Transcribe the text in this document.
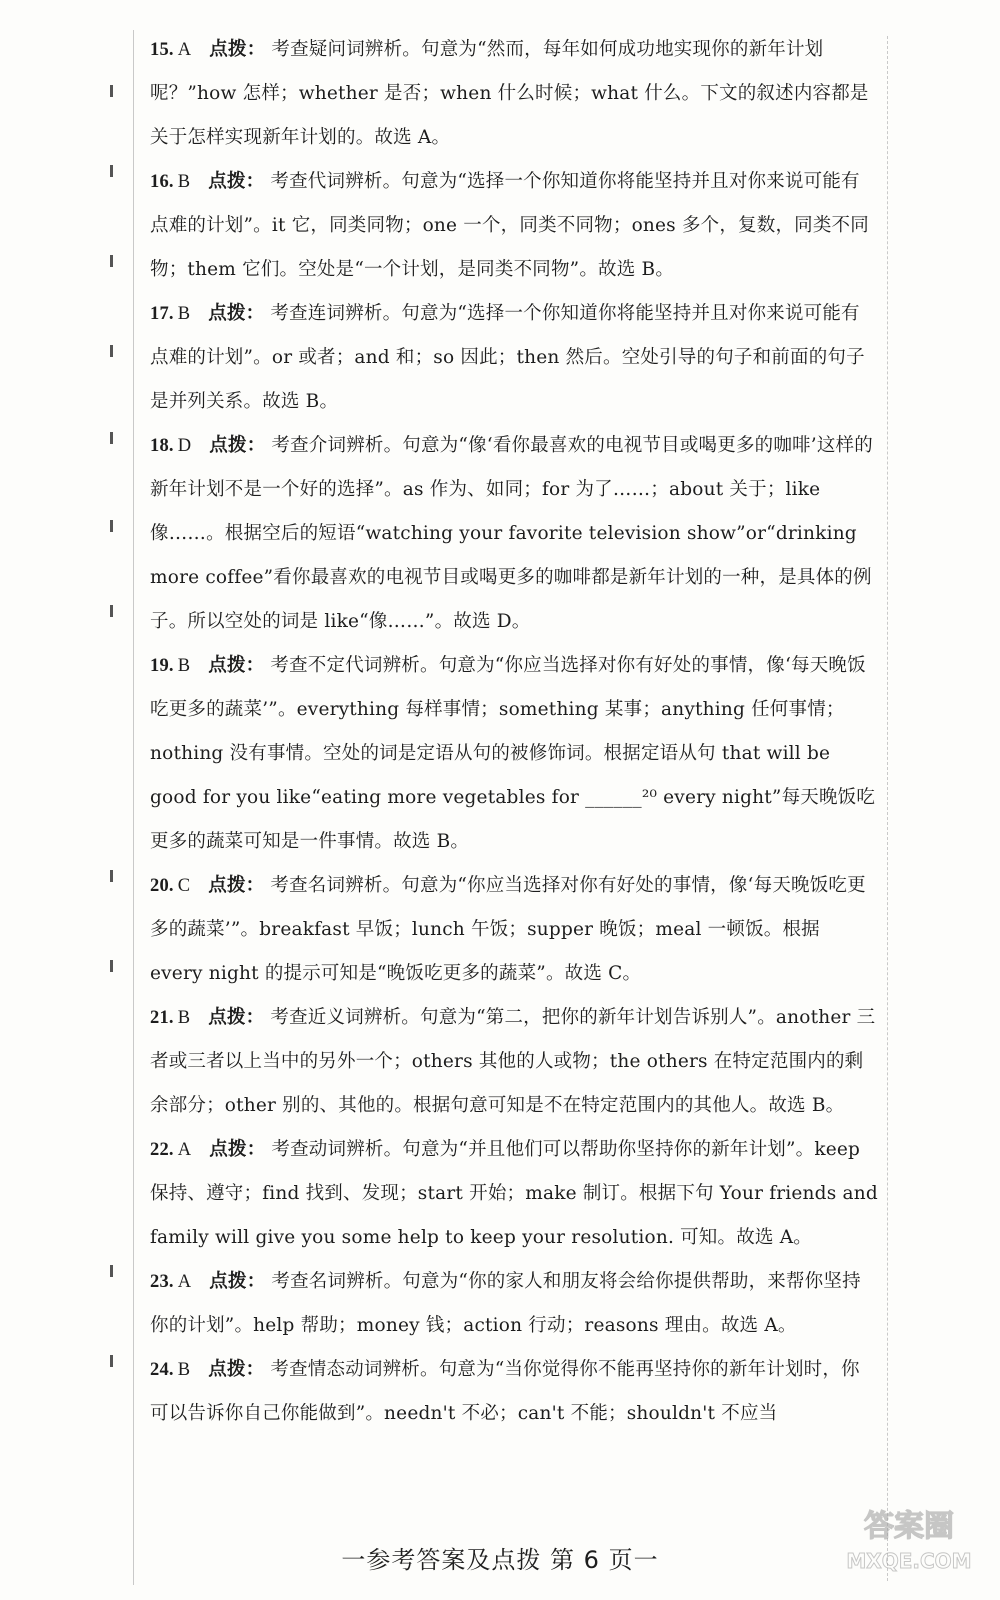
15. A 点拨： 考查疑问词辨析。句意为“然而，每年如何成功地实现你的新年计划呢？”how 怎样；whether 是否；when 什么时候；what 什么。下文的叙述内容都是关于怎样实现新年计划的。故选 A。
16. B 点拨： 考查代词辨析。句意为“选择一个你知道你将能坚持并且对你来说可能有点难的计划”。it 它，同类同物；one 一个，同类不同物；ones 多个，复数，同类不同物；them 它们。空处是“一个计划，是同类不同物”。故选 B。
17. B 点拨： 考查连词辨析。句意为“选择一个你知道你将能坚持并且对你来说可能有点难的计划”。or 或者；and 和；so 因此；then 然后。空处引导的句子和前面的句子是并列关系。故选 B。
18. D 点拨： 考查介词辨析。句意为“像‘看你最喜欢的电视节目或喝更多的咖啡’这样的新年计划不是一个好的选择”。as 作为、如同；for 为了……；about 关于；like 像……。根据空后的短语“watching your favorite television show”or“drinking more coffee”看你最喜欢的电视节目或喝更多的咖啡都是新年计划的一种，是具体的例子。所以空处的词是 like“像……”。故选 D。
19. B 点拨： 考查不定代词辨析。句意为“你应当选择对你有好处的事情，像‘每天晚饭吃更多的蔬菜’”。everything 每样事情；something 某事；anything 任何事情；nothing 没有事情。空处的词是定语从句的被修饰词。根据定语从句 that will be good for you like“eating more vegetables for ______²⁰ every night”每天晚饭吃更多的蔬菜可知是一件事情。故选 B。
20. C 点拨： 考查名词辨析。句意为“你应当选择对你有好处的事情，像‘每天晚饭吃更多的蔬菜’”。breakfast 早饭；lunch 午饭；supper 晚饭；meal 一顿饭。根据 every night 的提示可知是“晚饭吃更多的蔬菜”。故选 C。
21. B 点拨： 考查近义词辨析。句意为“第二，把你的新年计划告诉别人”。another 三者或三者以上当中的另外一个；others 其他的人或物；the others 在特定范围内的剩余部分；other 别的、其他的。根据句意可知是不在特定范围内的其他人。故选 B。
22. A 点拨： 考查动词辨析。句意为“并且他们可以帮助你坚持你的新年计划”。keep 保持、遵守；find 找到、发现；start 开始；make 制订。根据下句 Your friends and family will give you some help to keep your resolution. 可知。故选 A。
23. A 点拨： 考查名词辨析。句意为“你的家人和朋友将会给你提供帮助，来帮你坚持你的计划”。help 帮助；money 钱；action 行动；reasons 理由。故选 A。
24. B 点拨： 考查情态动词辨析。句意为“当你觉得你不能再坚持你的新年计划时，你可以告诉你自己你能做到”。needn't 不必；can't 不能；shouldn't 不应当
一参考答案及点拨 第 6 页一
答案圈
MXQE.COM
